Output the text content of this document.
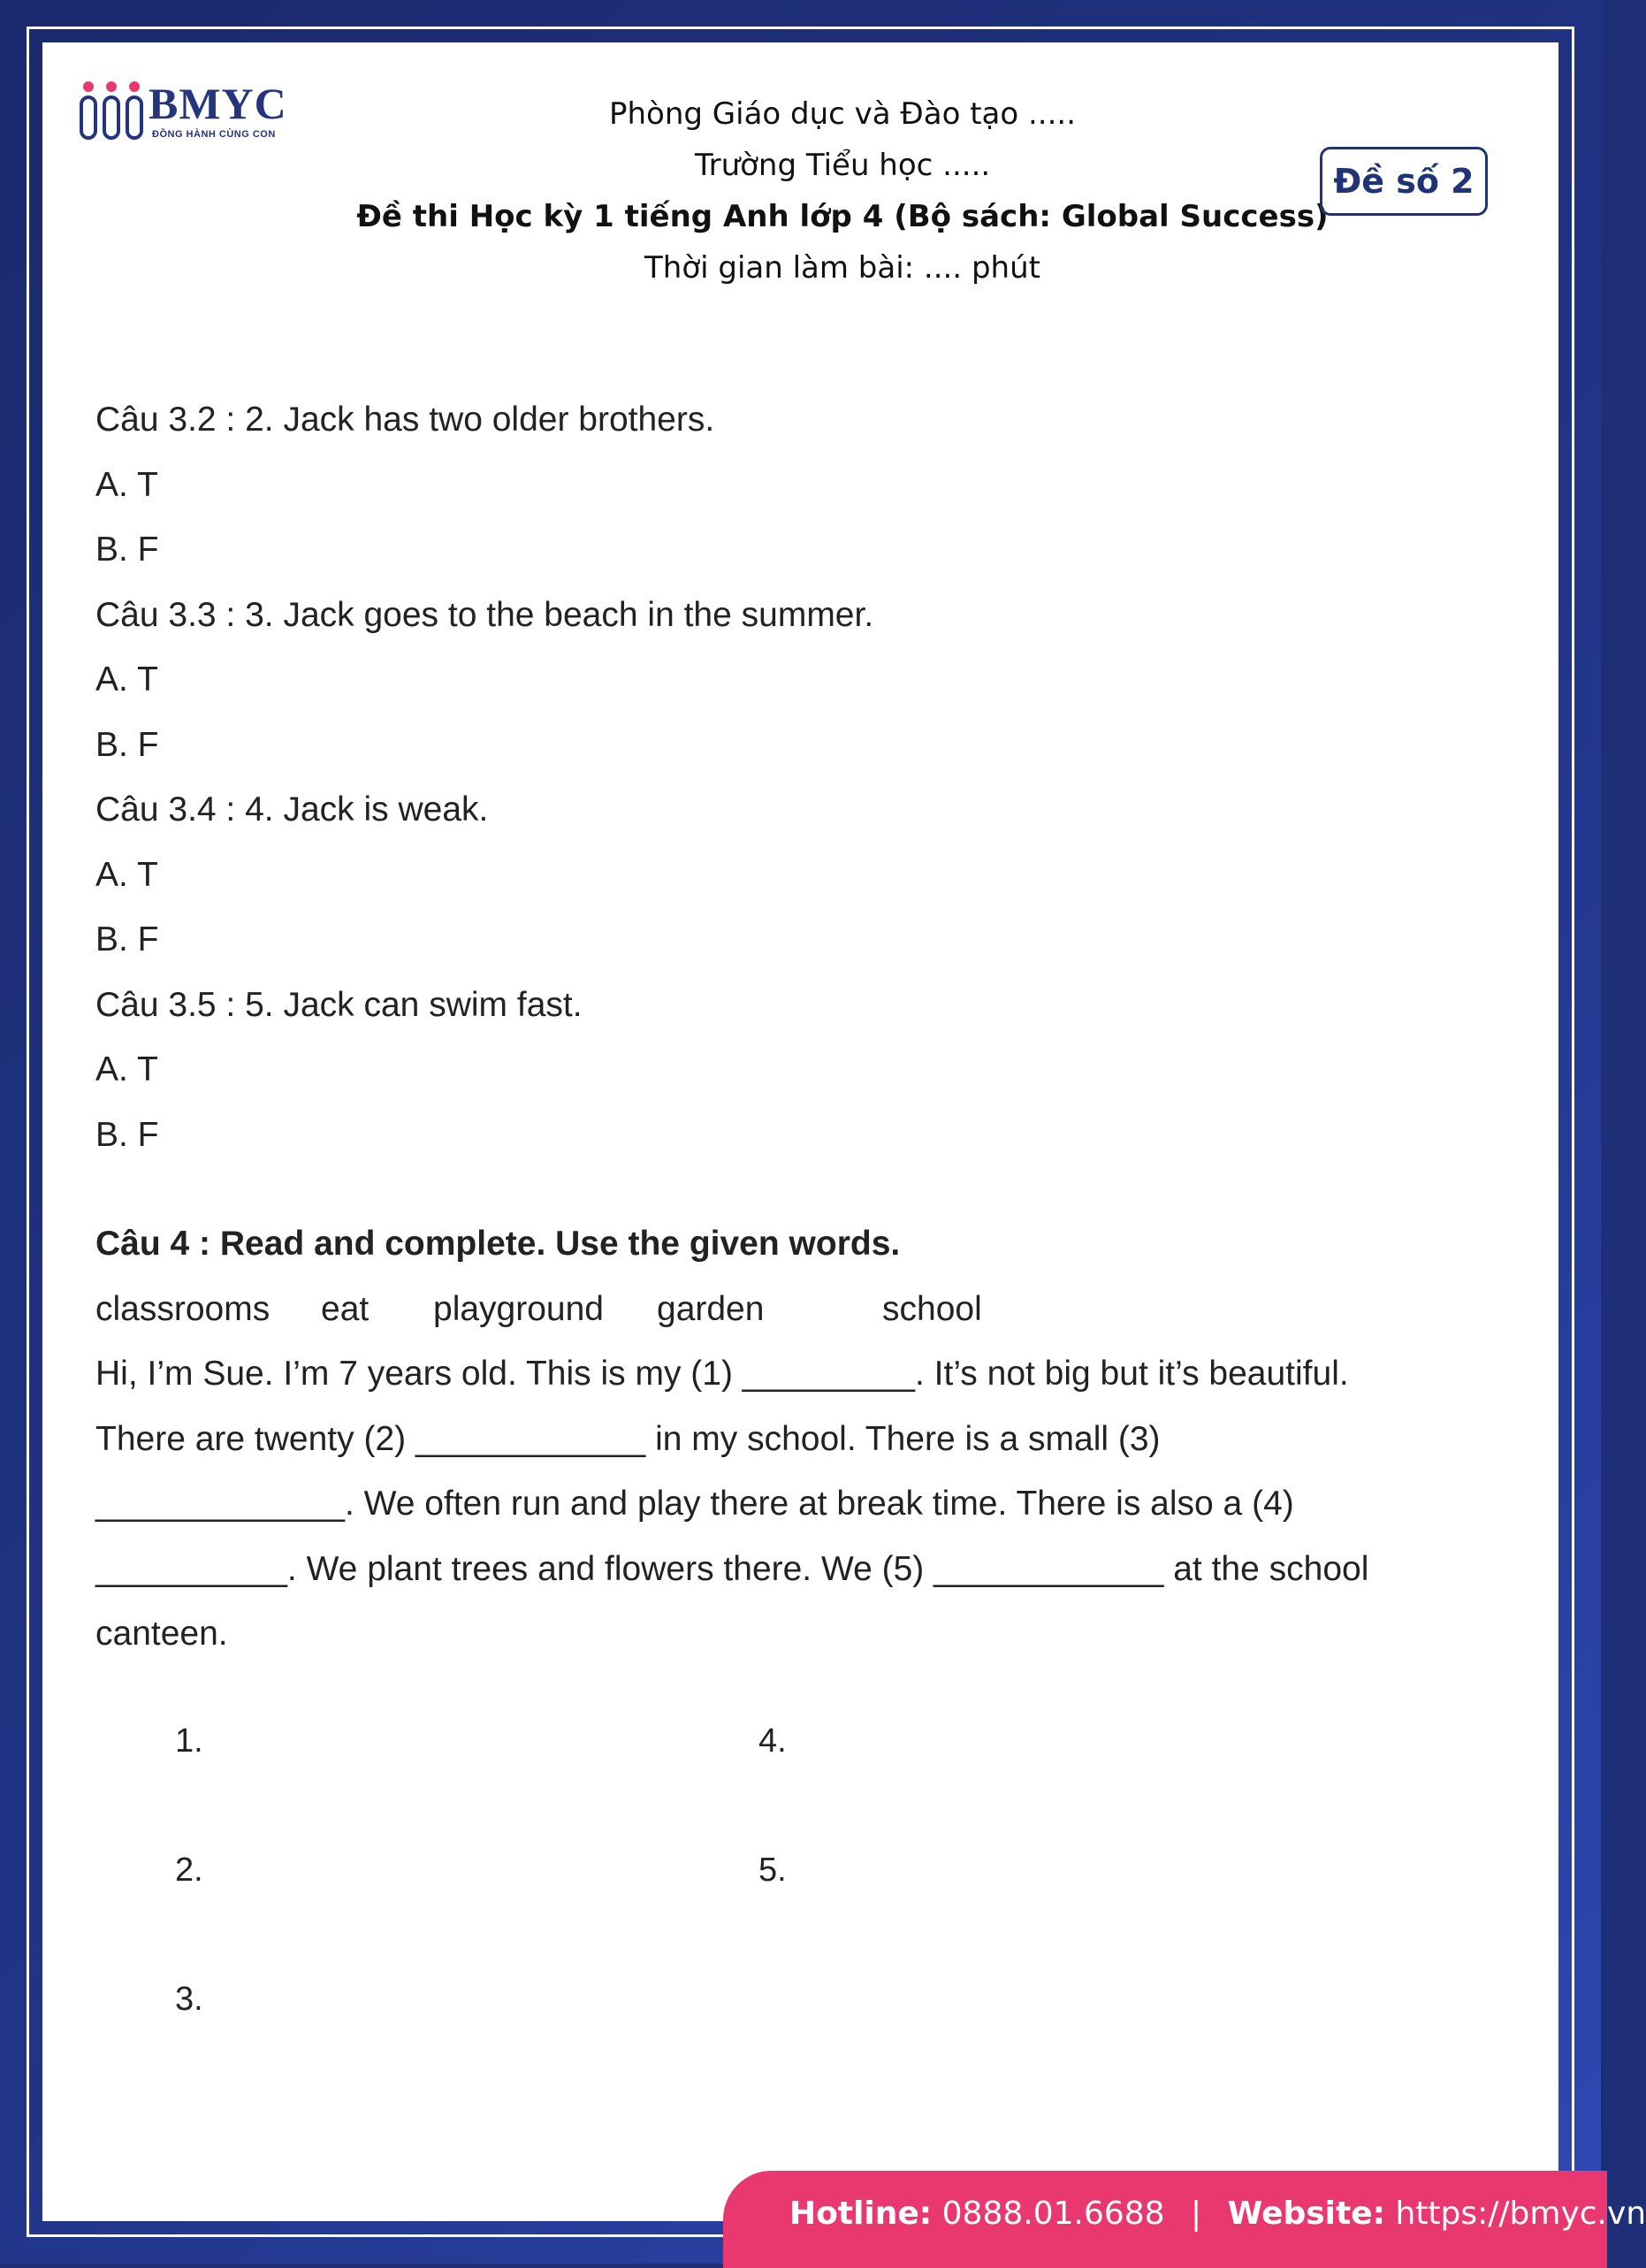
BMYC
ĐỒNG HÀNH CÙNG CON
Phòng Giáo dục và Đào tạo .....
Trường Tiểu học .....
Đề thi Học kỳ 1 tiếng Anh lớp 4 (Bộ sách: Global Success)
Thời gian làm bài: .... phút
Đề số 2
Câu 3.2 : 2. Jack has two older brothers.
A. T
B. F
Câu 3.3 : 3. Jack goes to the beach in the summer.
A. T
B. F
Câu 3.4 : 4. Jack is weak.
A. T
B. F
Câu 3.5 : 5. Jack can swim fast.
A. T
B. F
Câu 4 : Read and complete. Use the given words.
classrooms eat playground garden	school
Hi, I’m Sue. I’m 7 years old. This is my (1) _________. It’s not big but it’s beautiful.
There are twenty (2) ____________ in my school. There is a small (3)
_____________. We often run and play there at break time. There is also a (4)
__________. We plant trees and flowers there. We (5) ____________ at the school
canteen.
1.
2.
3.
4.
5.
Hotline: 0888.01.6688 | Website: https://bmyc.vn
